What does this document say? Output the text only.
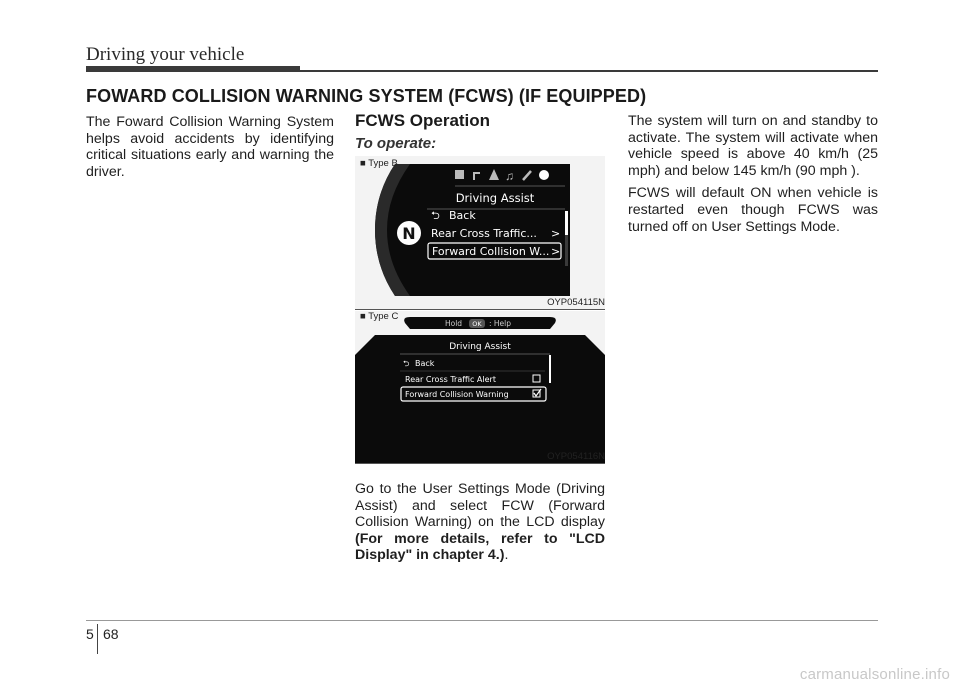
Driving your vehicle
FOWARD COLLISION WARNING SYSTEM (FCWS) (IF EQUIPPED)
The Foward Collision Warning System helps avoid accidents by identifying critical situations early and warning the driver.
FCWS Operation
To operate:
N
♫
Driving Assist
⮌ Back
Rear Cross Traffic... >
Forward Collision W... >
■ Type B
OYP054115N
Hold OK : Help
Driving Assist
⮌ Back
Rear Cross Traffic Alert
Forward Collision Warning
■ Type C
OYP054116N
Go to the User Settings Mode (Driving Assist) and select FCW (Forward Collision Warning) on the LCD display (For more details, refer to "LCD Display" in chapter 4.).

The system will turn on and standby to activate. The system will activate when vehicle speed is above 40 km/h (25 mph) and below 145 km/h (90 mph ).

FCWS will default ON when vehicle is restarted even though FCWS was turned off on User Settings Mode.

5 68
carmanualsonline.info
